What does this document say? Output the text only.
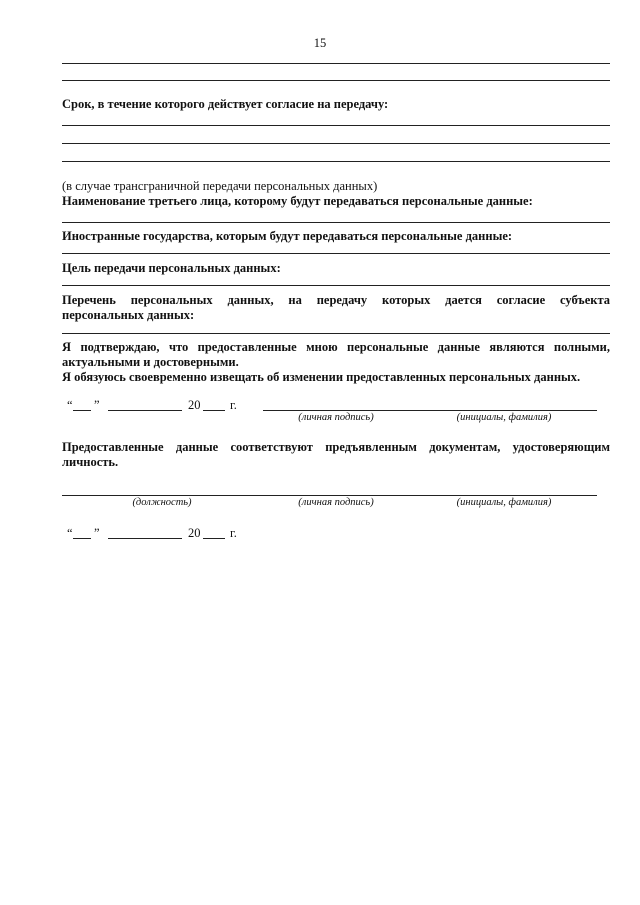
15
Срок, в течение которого действует согласие на передачу:
(в случае трансграничной передачи персональных данных)
Наименование третьего лица, которому будут передаваться персональные данные:
Иностранные государства, которым будут передаваться персональные данные:
Цель передачи персональных данных:
Перечень персональных данных, на передачу которых дается согласие субъекта
персональных данных:
Я подтверждаю, что предоставленные мною персональные данные являются полными,
актуальными и достоверными.
Я обязуюсь своевременно извещать об изменении предоставленных персональных данных.
“ ”	20 г.
(личная подпись)	(инициалы, фамилия)
Предоставленные данные соответствуют предъявленным документам, удостоверяющим
личность.
(должность)	(личная подпись)	(инициалы, фамилия)
“ ”	20 г.
